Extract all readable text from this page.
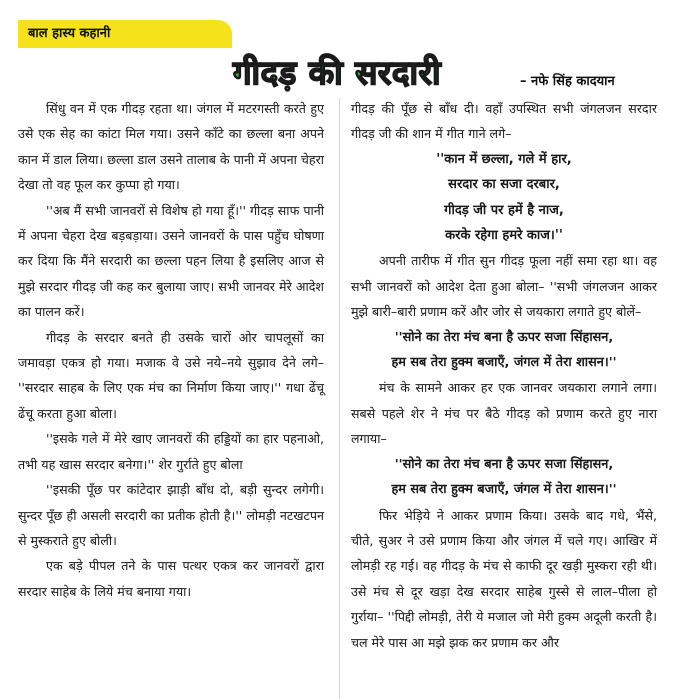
बाल हास्य कहानी
गीदड़ की सरदारी	– नफे सिंह कादयान

सिंधु वन में एक गीदड़ रहता था। जंगल में मटरगस्ती करते हुए उसे एक सेह का कांटा मिल गया। उसने काँटे का छल्ला बना अपने कान में डाल लिया। छल्ला डाल उसने तालाब के पानी में अपना चेहरा देखा तो वह फूल कर कुप्पा हो गया।

''अब मैं सभी जानवरों से विशेष हो गया हूँ।'' गीदड़ साफ पानी में अपना चेहरा देख बड़बड़ाया। उसने जानवरों के पास पहुँच घोषणा कर दिया कि मैंने सरदारी का छल्ला पहन लिया है इसलिए आज से मुझे सरदार गीदड़ जी कह कर बुलाया जाए। सभी जानवर मेरे आदेश का पालन करें।

गीदड़ के सरदार बनते ही उसके चारों ओर चापलूसों का जमावड़ा एकत्र हो गया। मजाक वे उसे नये–नये सुझाव देने लगे– ''सरदार साहब के लिए एक मंच का निर्माण किया जाए।'' गधा ढेंचू ढेंचू करता हुआ बोला।

''इसके गले में मेरे खाए जानवरों की हड्डियों का हार पहनाओ, तभी यह खास सरदार बनेगा।'' शेर गुर्राते हुए बोला

''इसकी पूँछ पर कांटेदार झाड़ी बाँध दो, बड़ी सुन्दर लगेगी। सुन्दर पूँछ ही असली सरदारी का प्रतीक होती है।'' लोमड़ी नटखटपन से मुस्कराते हुए बोली।

एक बड़े पीपल तने के पास पत्थर एकत्र कर जानवरों द्वारा सरदार साहेब के लिये मंच बनाया गया।

गीदड़ की पूँछ से बाँध दी। वहाँ उपस्थित सभी जंगलजन सरदार गीदड़ जी की शान में गीत गाने लगे–

''कान में छल्ला, गले में हार,
सरदार का सजा दरबार,
गीदड़ जी पर हमें है नाज,
करके रहेगा हमरे काज।''

अपनी तारीफ में गीत सुन गीदड़ फूला नहीं समा रहा था। वह सभी जानवरों को आदेश देता हुआ बोला– ''सभी जंगलजन आकर मुझे बारी–बारी प्रणाम करें और जोर से जयकारा लगाते हुए बोलें–

''सोने का तेरा मंच बना है ऊपर सजा सिंहासन,
हम सब तेरा हुक्म बजाएँ, जंगल में तेरा शासन।''

मंच के सामने आकर हर एक जानवर जयकारा लगाने लगा। सबसे पहले शेर ने मंच पर बैठे गीदड़ को प्रणाम करते हुए नारा लगाया–

''सोने का तेरा मंच बना है ऊपर सजा सिंहासन,
हम सब तेरा हुक्म बजाएँ, जंगल में तेरा शासन।''

फिर भेड़िये ने आकर प्रणाम किया। उसके बाद गधे, भैंसे, चीते, सुअर ने उसे प्रणाम किया और जंगल में चले गए। आखिर में लोमड़ी रह गई। वह गीदड़ के मंच से काफी दूर खड़ी मुस्करा रही थी। उसे मंच से दूर खड़ा देख सरदार साहेब गुस्से से लाल–पीला हो गुर्राया– ''पिद्दी लोमड़ी, तेरी ये मजाल जो मेरी हुक्म अदूली करती है। चल मेरे पास आ मझे झक कर प्रणाम कर और
